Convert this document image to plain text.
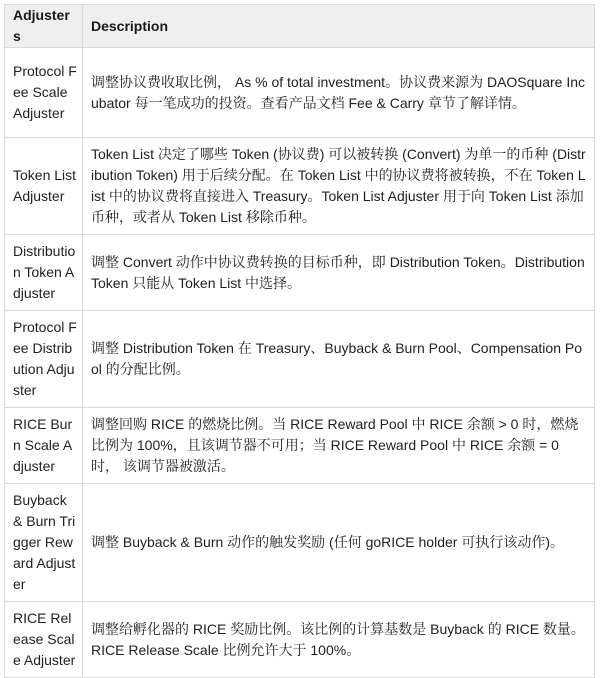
Adjusters	Description
Protocol Fee Scale Adjuster	调整协议费收取比例， As % of total investment。协议费来源为 DAOSquare Incubator 每一笔成功的投资。查看产品文档 Fee & Carry 章节了解详情。
Token List Adjuster	Token List 决定了哪些 Token (协议费) 可以被转换 (Convert) 为单一的币种 (Distribution Token) 用于后续分配。在 Token List 中的协议费将被转换，不在 Token List 中的协议费将直接进入 Treasury。Token List Adjuster 用于向 Token List 添加币种，或者从 Token List 移除币种。
Distribution Token Adjuster	调整 Convert 动作中协议费转换的目标币种，即 Distribution Token。Distribution Token 只能从 Token List 中选择。
Protocol Fee Distribution Adjuster	调整 Distribution Token 在 Treasury、Buyback & Burn Pool、Compensation Pool 的分配比例。
RICE Burn Scale Adjuster	调整回购 RICE 的燃烧比例。当 RICE Reward Pool 中 RICE 余额 > 0 时，燃烧比例为 100%，且该调节器不可用；当 RICE Reward Pool 中 RICE 余额 = 0 时， 该调节器被激活。
Buyback & Burn Trigger Reward Adjuster	调整 Buyback & Burn 动作的触发奖励 (任何 goRICE holder 可执行该动作)。
RICE Release Scale Adjuster	调整给孵化器的 RICE 奖励比例。该比例的计算基数是 Buyback 的 RICE 数量。RICE Release Scale 比例允许大于 100%。
